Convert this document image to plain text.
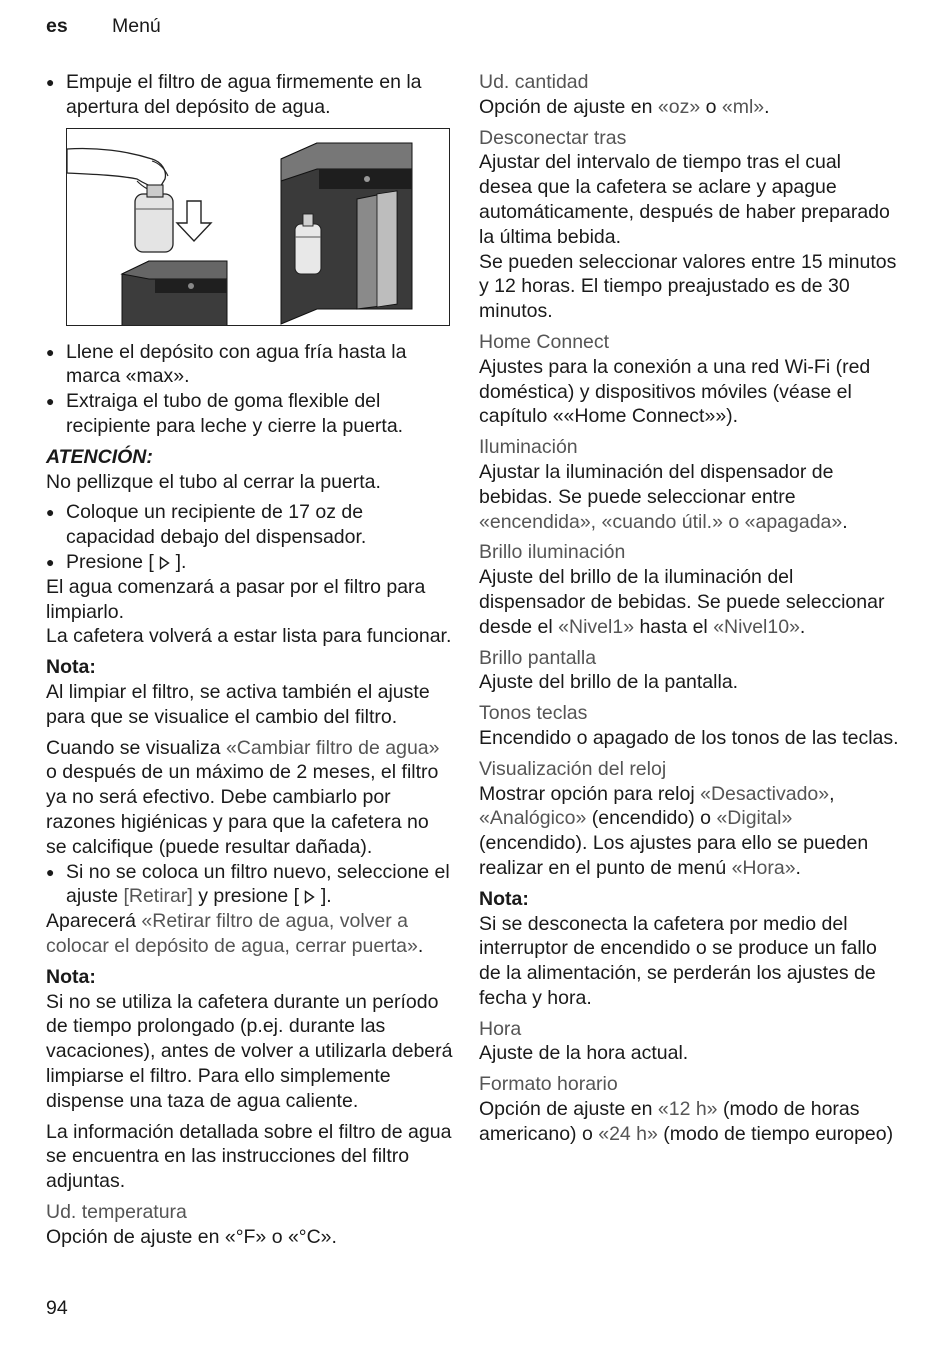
es Menú

● Empuje el filtro de agua firmemente en la apertura del depósito de agua.

● Llene el depósito con agua fría hasta la marca «max».

● Extraiga el tubo de goma flexible del recipiente para leche y cierre la puerta.

ATENCIÓN:

No pellizque el tubo al cerrar la puerta.

● Coloque un recipiente de 17 oz de capacidad debajo del dispensador.

● Presione [  ].

El agua comenzará a pasar por el filtro para limpiarlo.

La cafetera volverá a estar lista para funcionar.

Nota:

Al limpiar el filtro, se activa también el ajuste para que se visualice el cambio del filtro.

Cuando se visualiza «Cambiar filtro de agua» o después de un máximo de 2 meses, el filtro ya no será efectivo. Debe cambiarlo por razones higiénicas y para que la cafetera no se calcifique (puede resultar dañada).

● Si no se coloca un filtro nuevo, seleccione el ajuste [Retirar] y presione [  ].

Aparecerá «Retirar filtro de agua, volver a colocar el depósito de agua, cerrar puerta».

Nota:

Si no se utiliza la cafetera durante un período de tiempo prolongado (p.ej. durante las vacaciones), antes de volver a utilizarla deberá limpiarse el filtro. Para ello simplemente dispense una taza de agua caliente.

La información detallada sobre el filtro de agua se encuentra en las instrucciones del filtro adjuntas.

Ud. temperatura

Opción de ajuste en «°F» o «°C».

Ud. cantidad

Opción de ajuste en «oz» o «ml».

Desconectar tras

Ajustar del intervalo de tiempo tras el cual desea que la cafetera se aclare y apague automáticamente, después de haber preparado la última bebida.

Se pueden seleccionar valores entre 15 minutos y 12 horas. El tiempo preajustado es de 30 minutos.

Home Connect

Ajustes para la conexión a una red Wi-Fi (red doméstica) y dispositivos móviles (véase el capítulo ««Home Connect»»).

Iluminación

Ajustar la iluminación del dispensador de bebidas. Se puede seleccionar entre «encendida», «cuando útil.» o «apagada».

Brillo iluminación

Ajuste del brillo de la iluminación del dispensador de bebidas. Se puede seleccionar desde el «Nivel1» hasta el «Nivel10».

Brillo pantalla

Ajuste del brillo de la pantalla.

Tonos teclas

Encendido o apagado de los tonos de las teclas.

Visualización del reloj

Mostrar opción para reloj «Desactivado», «Analógico» (encendido) o «Digital» (encendido). Los ajustes para ello se pueden realizar en el punto de menú «Hora».

Nota:

Si se desconecta la cafetera por medio del interruptor de encendido o se produce un fallo de la alimentación, se perderán los ajustes de fecha y hora.

Hora

Ajuste de la hora actual.

Formato horario

Opción de ajuste en «12 h» (modo de horas americano) o «24 h» (modo de tiempo europeo)

94
